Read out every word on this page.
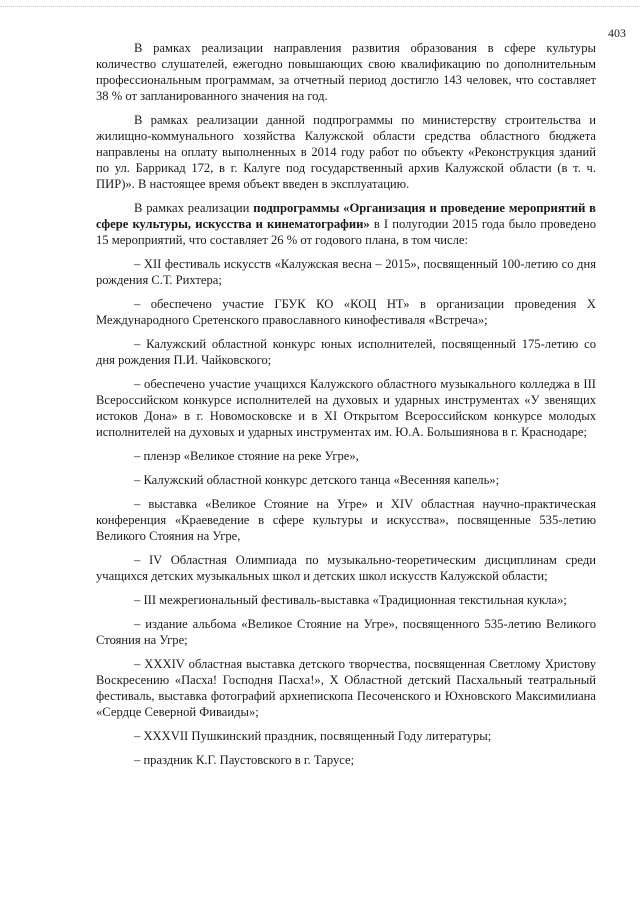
403

В рамках реализации направления развития образования в сфере культуры количество слушателей, ежегодно повышающих свою квалификацию по дополнительным профессиональным программам, за отчетный период достигло 143 человек, что составляет 38 % от запланированного значения на год.

В рамках реализации данной подпрограммы по министерству строительства и жилищно-коммунального хозяйства Калужской области средства областного бюджета направлены на оплату выполненных в 2014 году работ по объекту «Реконструкция зданий по ул. Баррикад 172, в г. Калуге под государственный архив Калужской области (в т. ч. ПИР)». В настоящее время объект введен в эксплуатацию.

В рамках реализации подпрограммы «Организация и проведение мероприятий в сфере культуры, искусства и кинематографии» в I полугодии 2015 года было проведено 15 мероприятий, что составляет 26 % от годового плана, в том числе:

– XII фестиваль искусств «Калужская весна – 2015», посвященный 100-летию со дня рождения С.Т. Рихтера;

– обеспечено участие ГБУК КО «КОЦ НТ» в организации проведения X Международного Сретенского православного кинофестиваля «Встреча»;

– Калужский областной конкурс юных исполнителей, посвященный 175-летию со дня рождения П.И. Чайковского;

– обеспечено участие учащихся Калужского областного музыкального колледжа в III Всероссийском конкурсе исполнителей на духовых и ударных инструментах «У звенящих истоков Дона» в г. Новомосковске и в XI Открытом Всероссийском конкурсе молодых исполнителей на духовых и ударных инструментах им. Ю.А. Большиянова в г. Краснодаре;

– пленэр «Великое стояние на реке Угре»,

– Калужский областной конкурс детского танца «Весенняя капель»;

– выставка «Великое Стояние на Угре» и XIV областная научно-практическая конференция «Краеведение в сфере культуры и искусства», посвященные 535-летию Великого Стояния на Угре,

– IV Областная Олимпиада по музыкально-теоретическим дисциплинам среди учащихся детских музыкальных школ и детских школ искусств Калужской области;

– III межрегиональный фестиваль-выставка «Традиционная текстильная кукла»;

– издание альбома «Великое Стояние на Угре», посвященного 535-летию Великого Стояния на Угре;

– XXXIV областная выставка детского творчества, посвященная Светлому Христову Воскресению «Пасха! Господня Пасха!», X Областной детский Пасхальный театральный фестиваль, выставка фотографий архиепископа Песоченского и Юхновского Максимилиана «Сердце Северной Фиваиды»;

– XXXVII Пушкинский праздник, посвященный Году литературы;

– праздник К.Г. Паустовского в г. Тарусе;
